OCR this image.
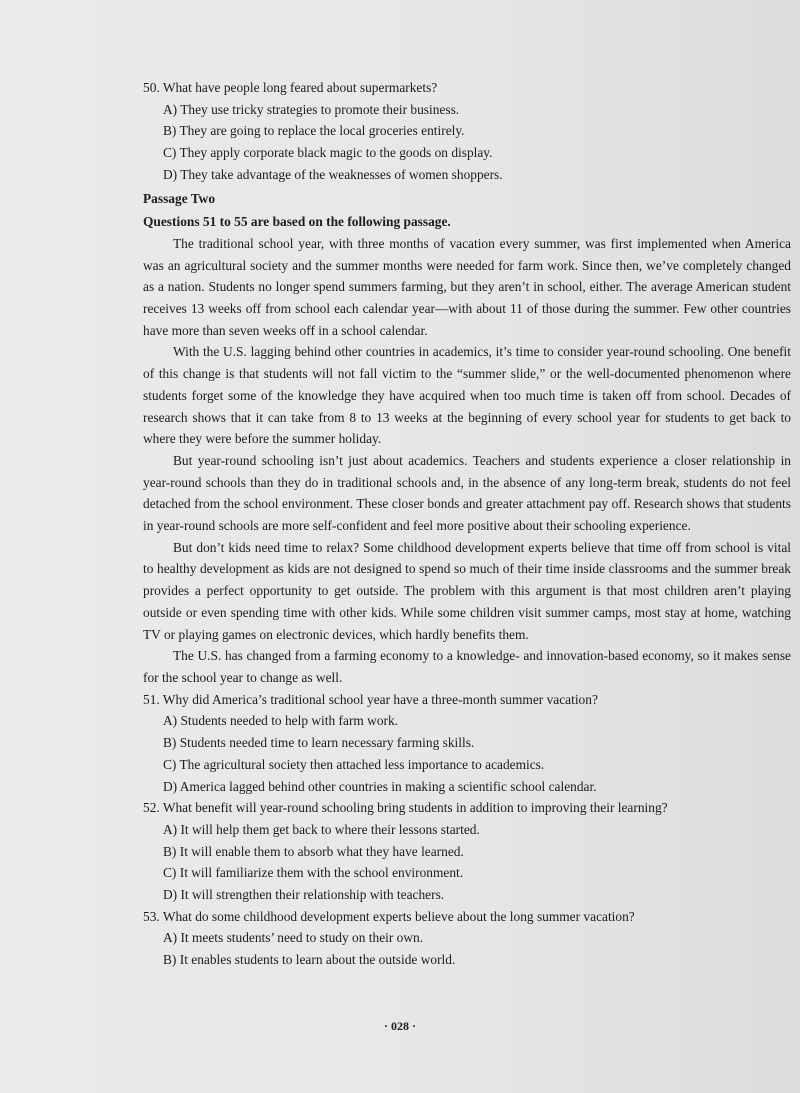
50. What have people long feared about supermarkets?

A) They use tricky strategies to promote their business.

B) They are going to replace the local groceries entirely.

C) They apply corporate black magic to the goods on display.

D) They take advantage of the weaknesses of women shoppers.

Passage Two

Questions 51 to 55 are based on the following passage.

The traditional school year, with three months of vacation every summer, was first implemented when America was an agricultural society and the summer months were needed for farm work. Since then, we’ve completely changed as a nation. Students no longer spend summers farming, but they aren’t in school, either. The average American student receives 13 weeks off from school each calendar year—with about 11 of those during the summer. Few other countries have more than seven weeks off in a school calendar.

With the U.S. lagging behind other countries in academics, it’s time to consider year-round schooling. One benefit of this change is that students will not fall victim to the “summer slide,” or the well-documented phenomenon where students forget some of the knowledge they have acquired when too much time is taken off from school. Decades of research shows that it can take from 8 to 13 weeks at the beginning of every school year for students to get back to where they were before the summer holiday.

But year-round schooling isn’t just about academics. Teachers and students experience a closer relationship in year-round schools than they do in traditional schools and, in the absence of any long-term break, students do not feel detached from the school environment. These closer bonds and greater attachment pay off. Research shows that students in year-round schools are more self-confident and feel more positive about their schooling experience.

But don’t kids need time to relax? Some childhood development experts believe that time off from school is vital to healthy development as kids are not designed to spend so much of their time inside classrooms and the summer break provides a perfect opportunity to get outside. The problem with this argument is that most children aren’t playing outside or even spending time with other kids. While some children visit summer camps, most stay at home, watching TV or playing games on electronic devices, which hardly benefits them.

The U.S. has changed from a farming economy to a knowledge- and innovation-based economy, so it makes sense for the school year to change as well.

51. Why did America’s traditional school year have a three-month summer vacation?

A) Students needed to help with farm work.

B) Students needed time to learn necessary farming skills.

C) The agricultural society then attached less importance to academics.

D) America lagged behind other countries in making a scientific school calendar.

52. What benefit will year-round schooling bring students in addition to improving their learning?

A) It will help them get back to where their lessons started.

B) It will enable them to absorb what they have learned.

C) It will familiarize them with the school environment.

D) It will strengthen their relationship with teachers.

53. What do some childhood development experts believe about the long summer vacation?

A) It meets students’ need to study on their own.

B) It enables students to learn about the outside world.

· 028 ·
